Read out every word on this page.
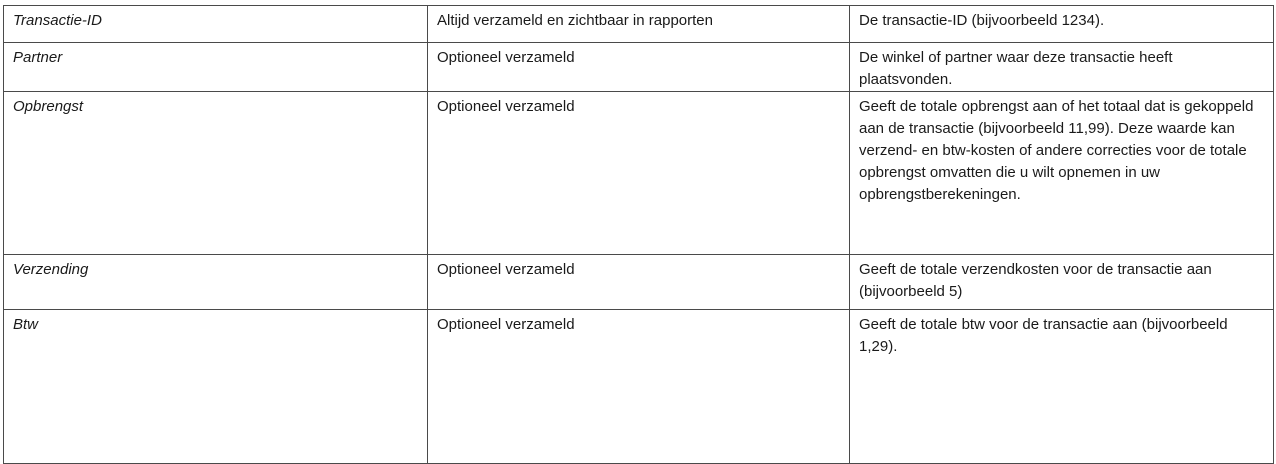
Transactie-ID	Altijd verzameld en zichtbaar in rapporten	De transactie-ID (bijvoorbeeld 1234).
Partner	Optioneel verzameld	De winkel of partner waar deze transactie heeft plaatsvonden.
Opbrengst	Optioneel verzameld	Geeft de totale opbrengst aan of het totaal dat is gekoppeld aan de transactie (bijvoorbeeld 11,99). Deze waarde kan verzend- en btw-kosten of andere correcties voor de totale opbrengst omvatten die u wilt opnemen in uw opbrengstberekeningen.
Verzending	Optioneel verzameld	Geeft de totale verzendkosten voor de transactie aan (bijvoorbeeld 5)
Btw	Optioneel verzameld	Geeft de totale btw voor de transactie aan (bijvoorbeeld 1,29).
